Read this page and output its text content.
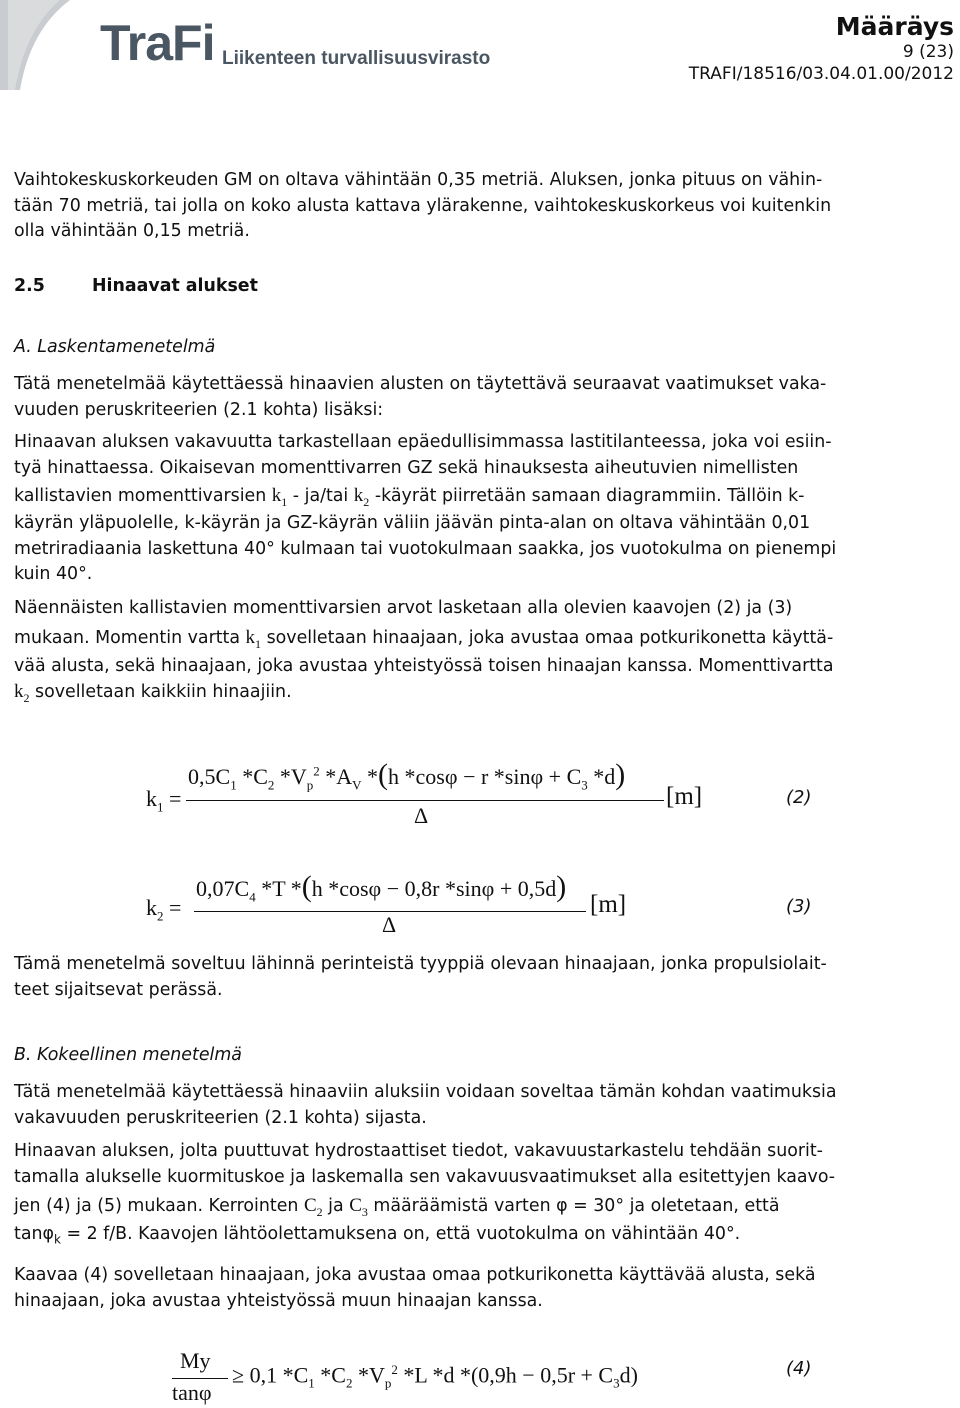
TraFi Liikenteen turvallisuusvirasto
Määräys
9 (23)
TRAFI/18516/03.04.01.00/2012
Vaihtokeskuskorkeuden GM on oltava vähintään 0,35 metriä. Aluksen, jonka pituus on vähin-
tään 70 metriä, tai jolla on koko alusta kattava ylärakenne, vaihtokeskuskorkeus voi kuitenkin
olla vähintään 0,15 metriä.
2.5	Hinaavat alukset
A. Laskentamenetelmä
Tätä menetelmää käytettäessä hinaavien alusten on täytettävä seuraavat vaatimukset vaka-
vuuden peruskriteerien (2.1 kohta) lisäksi:
Hinaavan aluksen vakavuutta tarkastellaan epäedullisimmassa lastitilanteessa, joka voi esiin-
tyä hinattaessa. Oikaisevan momenttivarren GZ sekä hinauksesta aiheutuvien nimellisten
kallistavien momenttivarsien $k_1 - ja/tai$ $k_2$ -käyrät piirretään samaan diagrammiin. Tällöin k-
käyrän yläpuolelle, k-käyrän ja GZ-käyrän väliin jäävän pinta-alan on oltava vähintään 0,01
metriradiaania laskettuna 40° kulmaan tai vuotokulmaan saakka, jos vuotokulma on pienempi
kuin 40°.
Näennäisten kallistavien momenttivarsien arvot lasketaan alla olevien kaavojen (2) ja (3)
mukaan. Momentin vartta $k_1$ sovelletaan hinaajaan, joka avustaa omaa potkurikonetta käyttä-
vää alusta, sekä hinaajaan, joka avustaa yhteistyössä toisen hinaajan kanssa. Momenttivartta
$k_2$ sovelletaan kaikkiin hinaajiin.
$k_1$ =
$0,5C_1$ $*C_2$ $*V_p^2$ $*A_V$ *(h *cosφ − r $*\sin\varphi + C_3$ *d)
Δ
[m]	(2)
$k_2$ =
$0,07C_4$ *T *(h *cosφ − 0,8r *sinφ + 0,5d)
Δ
[m]	(3)
Tämä menetelmä soveltuu lähinnä perinteistä tyyppiä olevaan hinaajaan, jonka propulsiolait-
teet sijaitsevat perässä.
B. Kokeellinen menetelmä
Tätä menetelmää käytettäessä hinaaviin aluksiin voidaan soveltaa tämän kohdan vaatimuksia
vakavuuden peruskriteerien (2.1 kohta) sijasta.
Hinaavan aluksen, jolta puuttuvat hydrostaattiset tiedot, vakavuustarkastelu tehdään suorit-
tamalla alukselle kuormituskoe ja laskemalla sen vakavuusvaatimukset alla esitettyjen kaavo-
jen (4) ja (5) mukaan. Kerrointen $C_2$ ja $C_3$ määräämistä varten φ = 30° ja oletetaan, että
tanφ$_k$ = 2 f/B. Kaavojen lähtöolettamuksena on, että vuotokulma on vähintään 40°.
Kaavaa (4) sovelletaan hinaajaan, joka avustaa omaa potkurikonetta käyttävää alusta, sekä
hinaajaan, joka avustaa yhteistyössä muun hinaajan kanssa.
My
tanφ
≥ 0,1 $*C_1$ $*C_2$ $*V_p^2$ *L *d $*(0,9h - 0,5r + C_3d)$	(4)
